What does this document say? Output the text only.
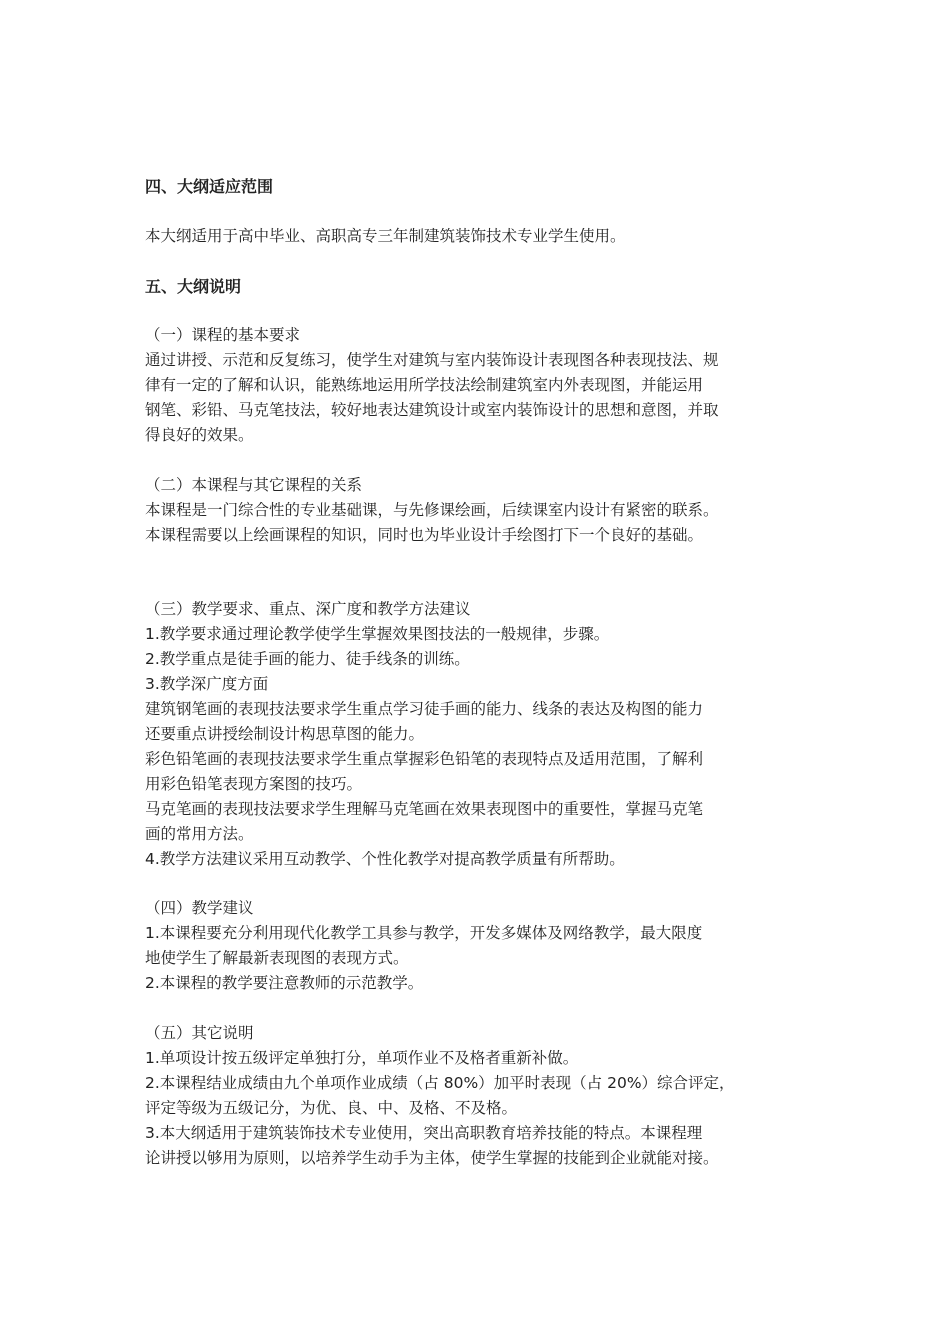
四、大纲适应范围
本大纲适用于高中毕业、高职高专三年制建筑装饰技术专业学生使用。
五、大纲说明
（一）课程的基本要求
通过讲授、示范和反复练习，使学生对建筑与室内装饰设计表现图各种表现技法、规
律有一定的了解和认识，能熟练地运用所学技法绘制建筑室内外表现图，并能运用
钢笔、彩铅、马克笔技法，较好地表达建筑设计或室内装饰设计的思想和意图，并取
得良好的效果。
（二）本课程与其它课程的关系
本课程是一门综合性的专业基础课，与先修课绘画，后续课室内设计有紧密的联系。
本课程需要以上绘画课程的知识，同时也为毕业设计手绘图打下一个良好的基础。
（三）教学要求、重点、深广度和教学方法建议
1.教学要求通过理论教学使学生掌握效果图技法的一般规律，步骤。
2.教学重点是徒手画的能力、徒手线条的训练。
3.教学深广度方面
建筑钢笔画的表现技法要求学生重点学习徒手画的能力、线条的表达及构图的能力
还要重点讲授绘制设计构思草图的能力。
彩色铅笔画的表现技法要求学生重点掌握彩色铅笔的表现特点及适用范围，了解利
用彩色铅笔表现方案图的技巧。
马克笔画的表现技法要求学生理解马克笔画在效果表现图中的重要性，掌握马克笔
画的常用方法。
4.教学方法建议采用互动教学、个性化教学对提高教学质量有所帮助。
（四）教学建议
1.本课程要充分利用现代化教学工具参与教学，开发多媒体及网络教学，最大限度
地使学生了解最新表现图的表现方式。
2.本课程的教学要注意教师的示范教学。
（五）其它说明
1.单项设计按五级评定单独打分，单项作业不及格者重新补做。
2.本课程结业成绩由九个单项作业成绩（占 80%）加平时表现（占 20%）综合评定，
评定等级为五级记分，为优、良、中、及格、不及格。
3.本大纲适用于建筑装饰技术专业使用，突出高职教育培养技能的特点。本课程理
论讲授以够用为原则，以培养学生动手为主体，使学生掌握的技能到企业就能对接。
